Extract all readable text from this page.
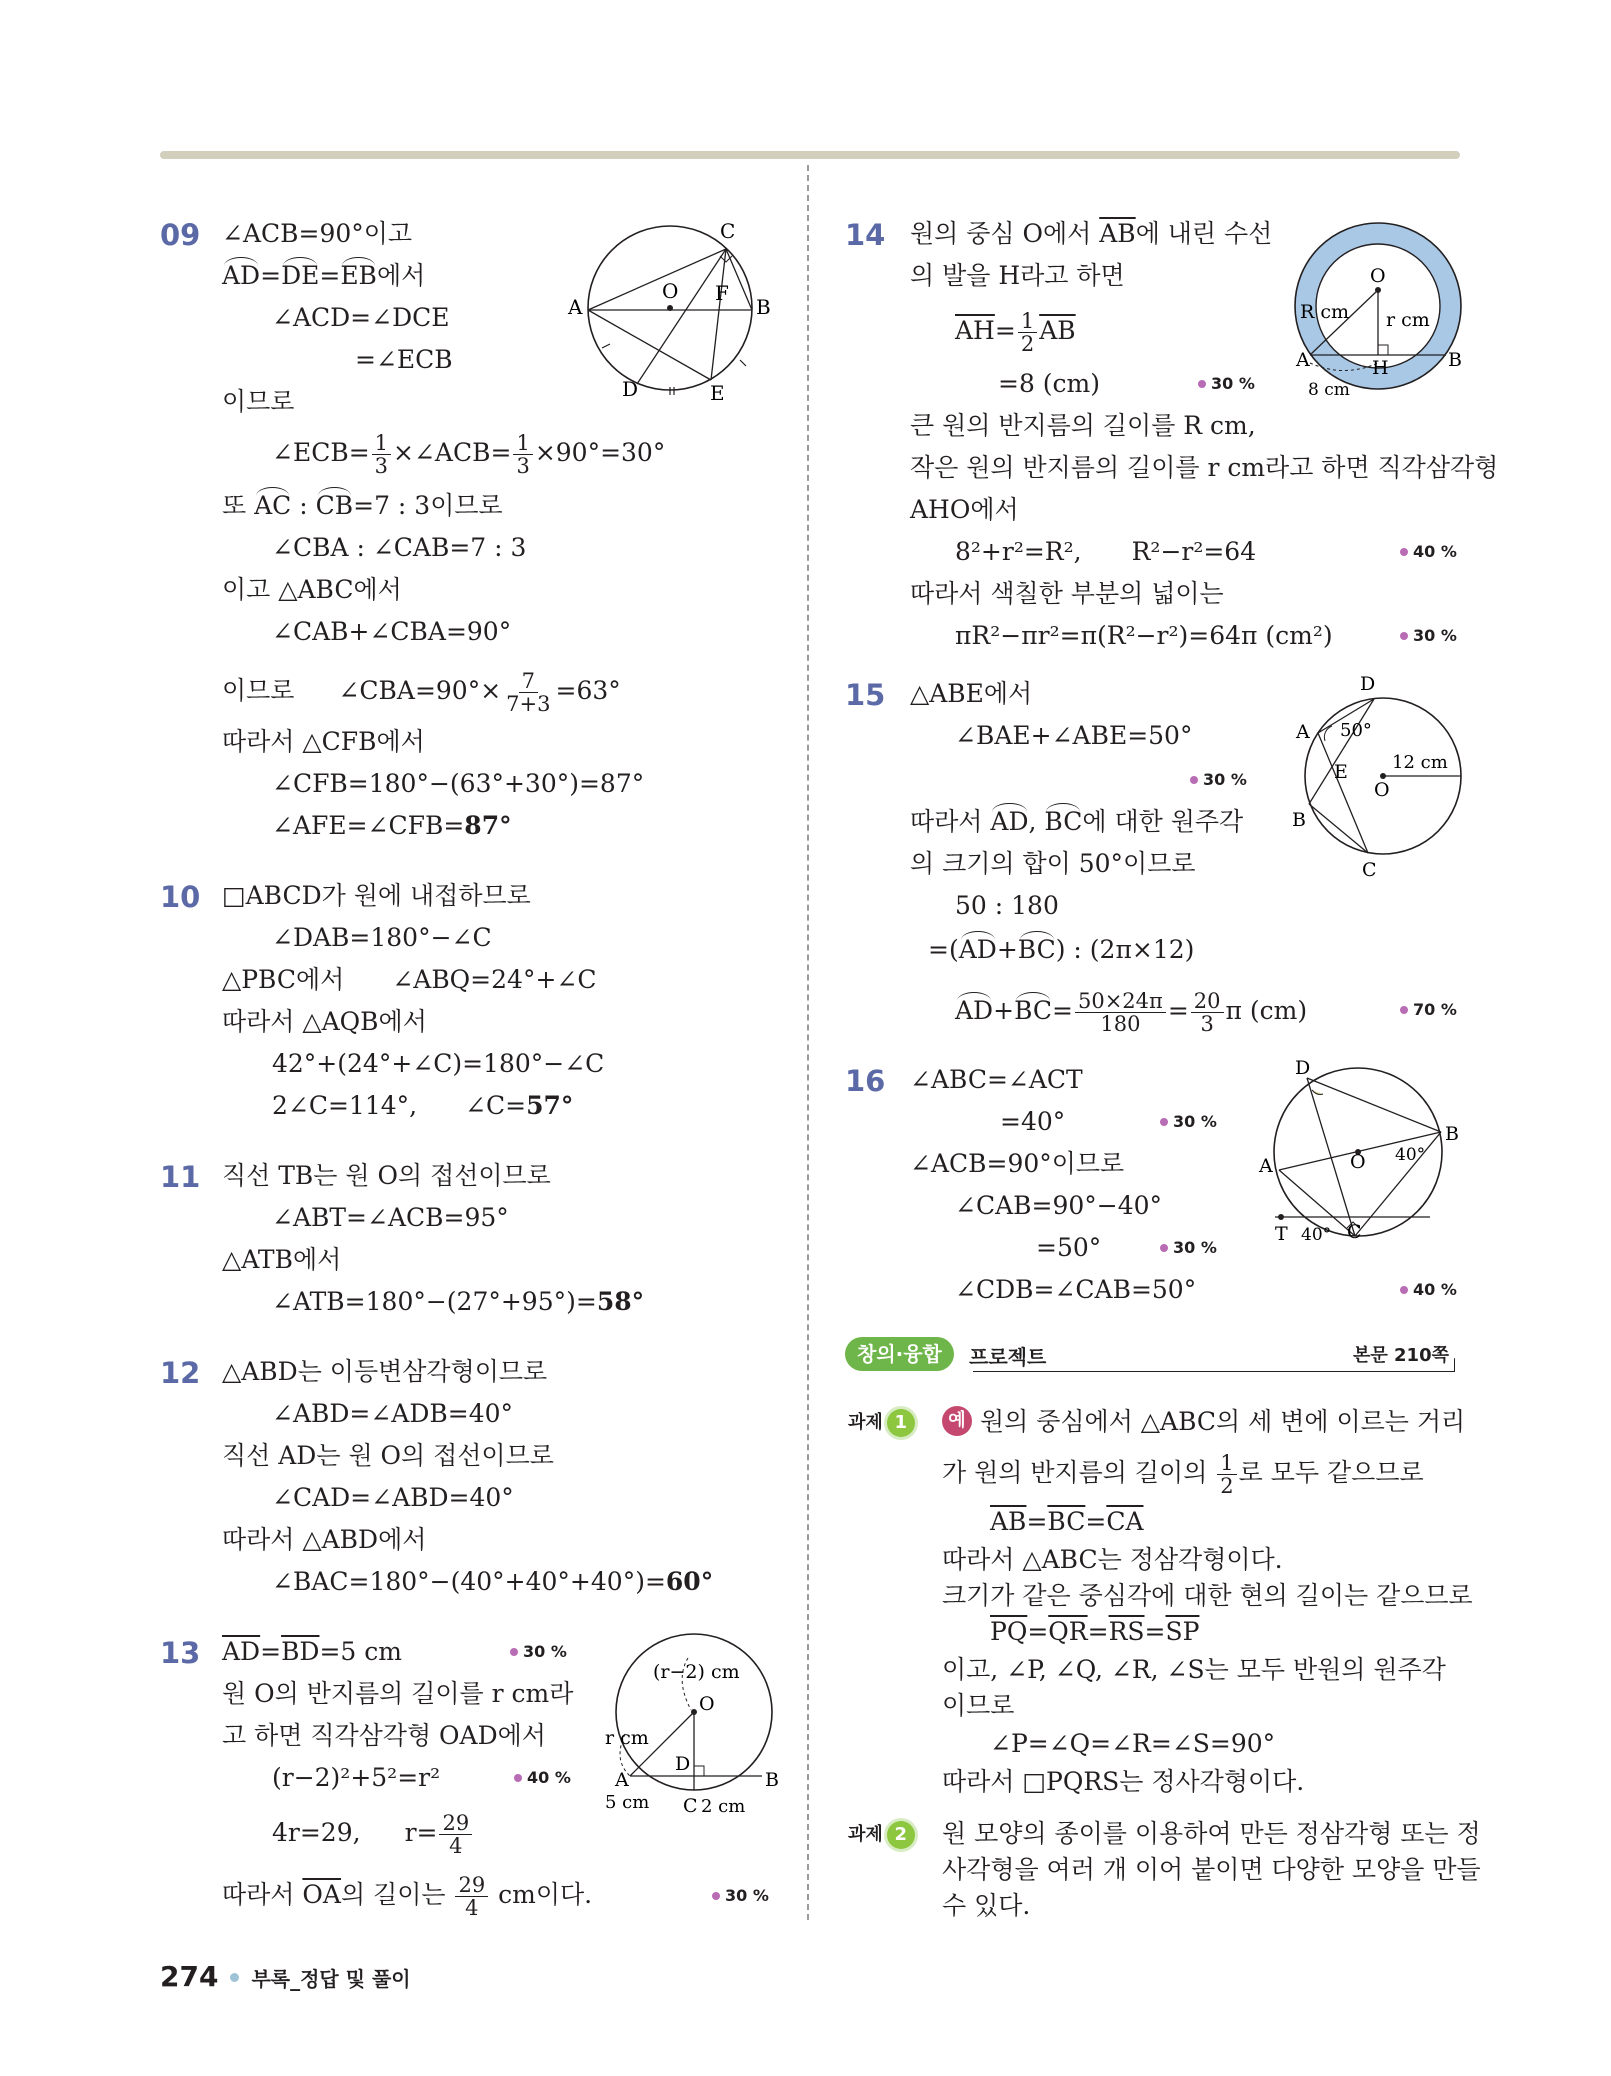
09 ∠ACB=90°이고
AD=DE=EB에서
∠ACD=∠DCE
=∠ECB
이므로
∠ECB= $\frac{1}{3}$ ×∠ACB= $\frac{1}{3} \times 90^\circ=30^\circ$
또 AC : CB=7 : 3이므로
∠CBA : ∠CAB=7 : 3
이고 △ABC에서
∠CAB+∠CBA=90°
이므로 ∠CBA=90°× $\frac{7}{7+3} =63^\circ$
따라서 △CFB에서
∠CFB=180°−(63°+30°)=87°
∠AFE=∠CFB=87°
A	B
C
D	E
F
O
10 □ABCD가 원에 내접하므로
∠DAB=180°−∠C
△PBC에서 ∠ABQ=24°+∠C
따라서 △AQB에서
42°+(24°+∠C)=180°−∠C
2∠C=114°, ∠C=57°
11 직선 TB는 원 O의 접선이므로
∠ABT=∠ACB=95°
△ATB에서
∠ATB=180°−(27°+95°)=58°
12 △ABD는 이등변삼각형이므로
∠ABD=∠ADB=40°
직선 AD는 원 O의 접선이므로
∠CAD=∠ABD=40°
따라서 △ABD에서
∠BAC=180°−(40°+40°+40°)=60°
13 $\overline{AD}=\overline{BD}=5$ cm	30 %
원 O의 반지름의 길이를 r cm라
고 하면 직각삼각형 OAD에서
(r−2)²+5²=r²	40 %
4r=29, $r= \frac{29}{4}$
따라서 $\overline{OA}$의 길이는 $\frac{29}{4}$ cm이다.	30 %
(r−2) cm
O
r cm
A
D
B
C
5 cm	2 cm
14 원의 중심 O에서 $\overline{AB}$에 내린 수선
의 발을 H라고 하면
$\overline{AH}= \frac{1}{2} \overline{AB}$
=8 (cm)	30 %
큰 원의 반지름의 길이를 R cm,
작은 원의 반지름의 길이를 r cm라고 하면 직각삼각형
AHO에서
8²+r²=R², R²−r²=64	40 %
따라서 색칠한 부분의 넓이는
πR²−πr²=π(R²−r²)=64π (cm²)	30 %
O
R cm r cm
A	H	B
8 cm
15 △ABE에서
∠BAE+∠ABE=50°
30 %
따라서 AD, BC에 대한 원주각
의 크기의 합이 50°이므로
50 : 180
=(AD+BC) : (2π×12)
$AD+BC= \frac{50\times 24\pi}{180} = \frac{20}{3}$ π (cm)	70 %
D
A 50°
12 cm
E
O
B
C
16 ∠ABC=∠ACT
=40°	30 %
∠ACB=90°이므로
∠CAB=90°−40°
=50°	30 %
∠CDB=∠CAB=50°	40 %
D
B
A	O 40°
T 40° C
창의·융합	프로젝트	본문 210쪽
과제 1	예 원의 중심에서 △ABC의 세 변에 이르는 거리
가 원의 반지름의 길이의 $\frac{1}{2}$ 로 모두 같으므로
$\overline{AB}=\overline{BC}=\overline{CA}$
따라서 △ABC는 정삼각형이다.
크기가 같은 중심각에 대한 현의 길이는 같으므로
$\overline{PQ}=\overline{QR}=\overline{RS}=\overline{SP}$
이고, ∠P, ∠Q, ∠R, ∠S는 모두 반원의 원주각
이므로
∠P=∠Q=∠R=∠S=90°
따라서 □PQRS는 정사각형이다.
과제 2	원 모양의 종이를 이용하여 만든 정삼각형 또는 정
사각형을 여러 개 이어 붙이면 다양한 모양을 만들
수 있다.
274 부록_정답 및 풀이
